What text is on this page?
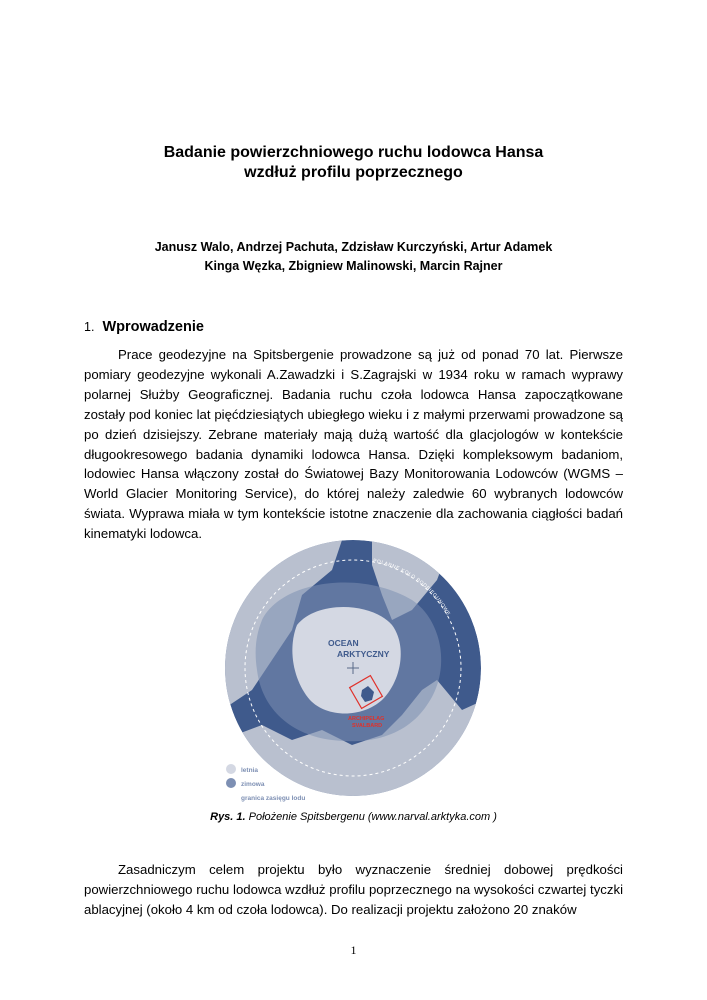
Badanie powierzchniowego ruchu lodowca Hansa
wzdłuż profilu poprzecznego
Janusz Walo, Andrzej Pachuta, Zdzisław Kurczyński, Artur Adamek
Kinga Węzka, Zbigniew Malinowski, Marcin Rajner
1. Wprowadzenie

Prace geodezyjne na Spitsbergenie prowadzone są już od ponad 70 lat. Pierwsze pomiary geodezyjne wykonali A.Zawadzki i S.Zagrajski w 1934 roku w ramach wyprawy polarnej Służby Geograficznej. Badania ruchu czoła lodowca Hansa zapoczątkowane zostały pod koniec lat pięćdziesiątych ubiegłego wieku i z małymi przerwami prowadzone są po dzień dzisiejszy. Zebrane materiały mają dużą wartość dla glacjologów w kontekście długookresowego badania dynamiki lodowca Hansa. Dzięki kompleksowym badaniom, lodowiec Hansa włączony został do Światowej Bazy Monitorowania Lodowców (WGMS – World Glacier Monitoring Service), do której należy zaledwie 60 wybranych lodowców świata. Wyprawa miała w tym kontekście istotne znaczenie dla zachowania ciągłości badań kinematyki lodowca.

OCEAN
ARKTYCZNY
ARCHIPELAG
SVALBARD
POLARNE KOŁO PODBIEGUNOWE
letnia
zimowa
granica zasięgu lodu
Rys. 1. Położenie Spitsbergenu (www.narval.arktyka.com )

Zasadniczym celem projektu było wyznaczenie średniej dobowej prędkości powierzchniowego ruchu lodowca wzdłuż profilu poprzecznego na wysokości czwartej tyczki ablacyjnej (około 4 km od czoła lodowca). Do realizacji projektu założono 20 znaków

1
